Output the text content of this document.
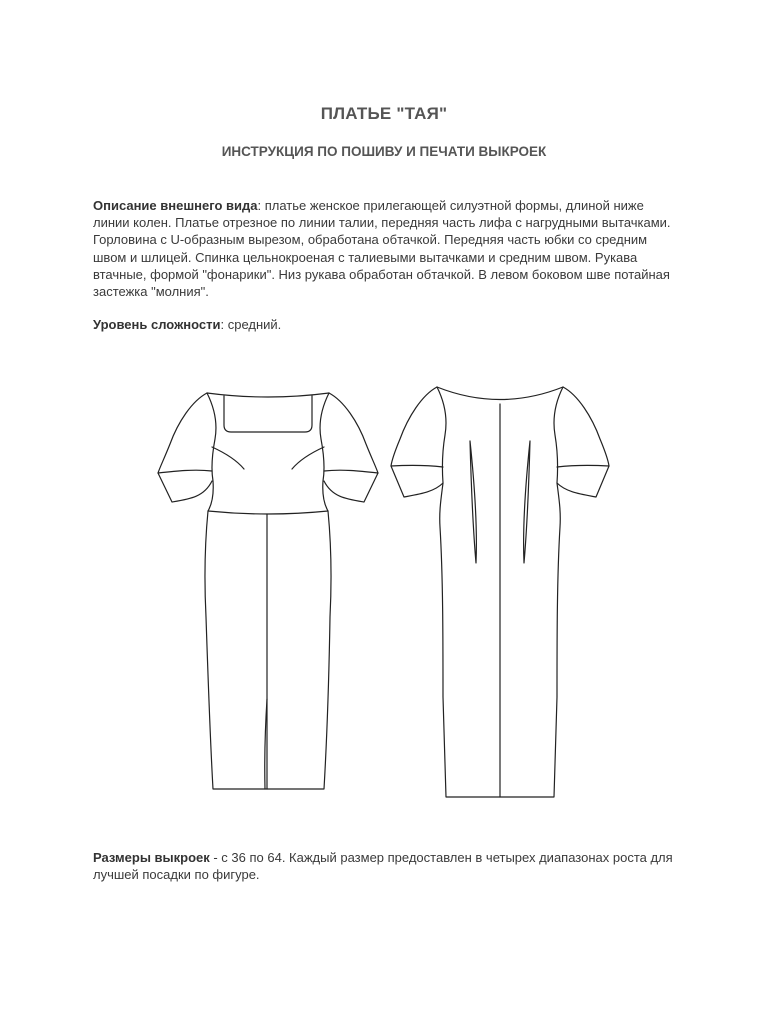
ПЛАТЬЕ "ТАЯ"
ИНСТРУКЦИЯ ПО ПОШИВУ И ПЕЧАТИ ВЫКРОЕК
Описание внешнего вида: платье женское прилегающей силуэтной формы, длиной ниже линии колен. Платье отрезное по линии талии, передняя часть лифа с нагрудными вытачками. Горловина с U-образным вырезом, обработана обтачкой. Передняя часть юбки со средним швом и шлицей. Спинка цельнокроеная с талиевыми вытачками и средним швом. Рукава втачные, формой "фонарики". Низ рукава обработан обтачкой. В левом боковом шве потайная застежка "молния".
Уровень сложности: средний.
Размеры выкроек - с 36 по 64. Каждый размер предоставлен в четырех диапазонах роста для лучшей посадки по фигуре.
